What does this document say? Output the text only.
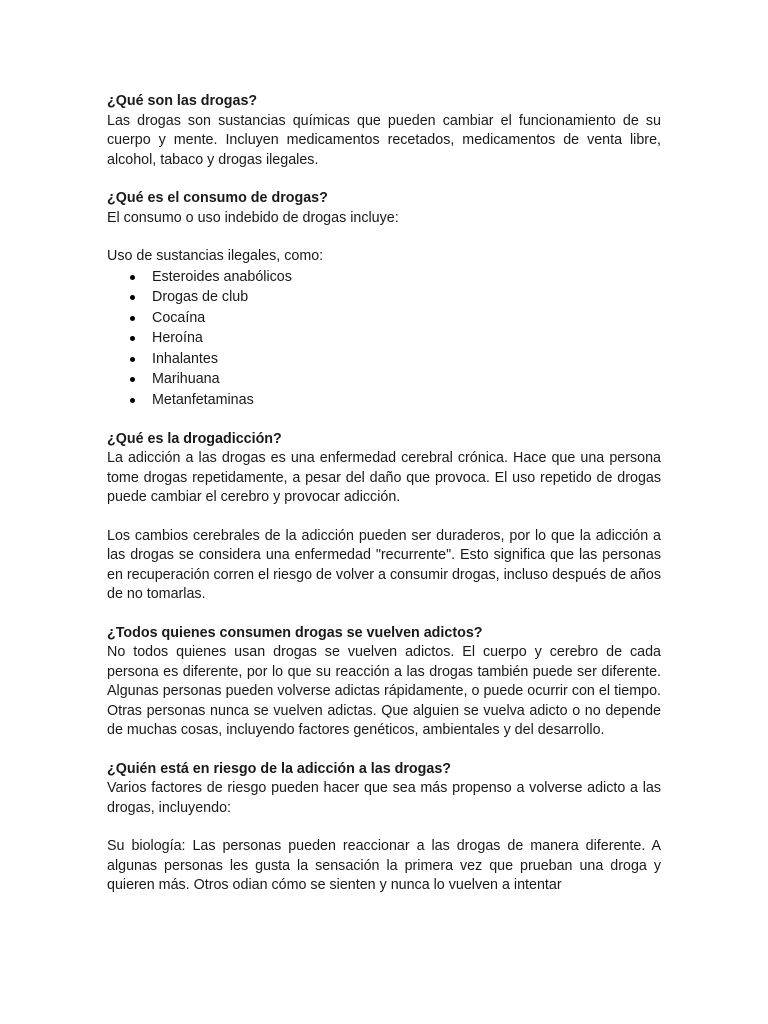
¿Qué son las drogas?

Las drogas son sustancias químicas que pueden cambiar el funcionamiento de su cuerpo y mente. Incluyen medicamentos recetados, medicamentos de venta libre, alcohol, tabaco y drogas ilegales.

¿Qué es el consumo de drogas?

El consumo o uso indebido de drogas incluye:

Uso de sustancias ilegales, como:

Esteroides anabólicos
Drogas de club
Cocaína
Heroína
Inhalantes
Marihuana
Metanfetaminas

¿Qué es la drogadicción?

La adicción a las drogas es una enfermedad cerebral crónica. Hace que una persona tome drogas repetidamente, a pesar del daño que provoca. El uso repetido de drogas puede cambiar el cerebro y provocar adicción.

Los cambios cerebrales de la adicción pueden ser duraderos, por lo que la adicción a las drogas se considera una enfermedad "recurrente". Esto significa que las personas en recuperación corren el riesgo de volver a consumir drogas, incluso después de años de no tomarlas.

¿Todos quienes consumen drogas se vuelven adictos?

No todos quienes usan drogas se vuelven adictos. El cuerpo y cerebro de cada persona es diferente, por lo que su reacción a las drogas también puede ser diferente. Algunas personas pueden volverse adictas rápidamente, o puede ocurrir con el tiempo. Otras personas nunca se vuelven adictas. Que alguien se vuelva adicto o no depende de muchas cosas, incluyendo factores genéticos, ambientales y del desarrollo.

¿Quién está en riesgo de la adicción a las drogas?

Varios factores de riesgo pueden hacer que sea más propenso a volverse adicto a las drogas, incluyendo:

Su biología: Las personas pueden reaccionar a las drogas de manera diferente. A algunas personas les gusta la sensación la primera vez que prueban una droga y quieren más. Otros odian cómo se sienten y nunca lo vuelven a intentar
